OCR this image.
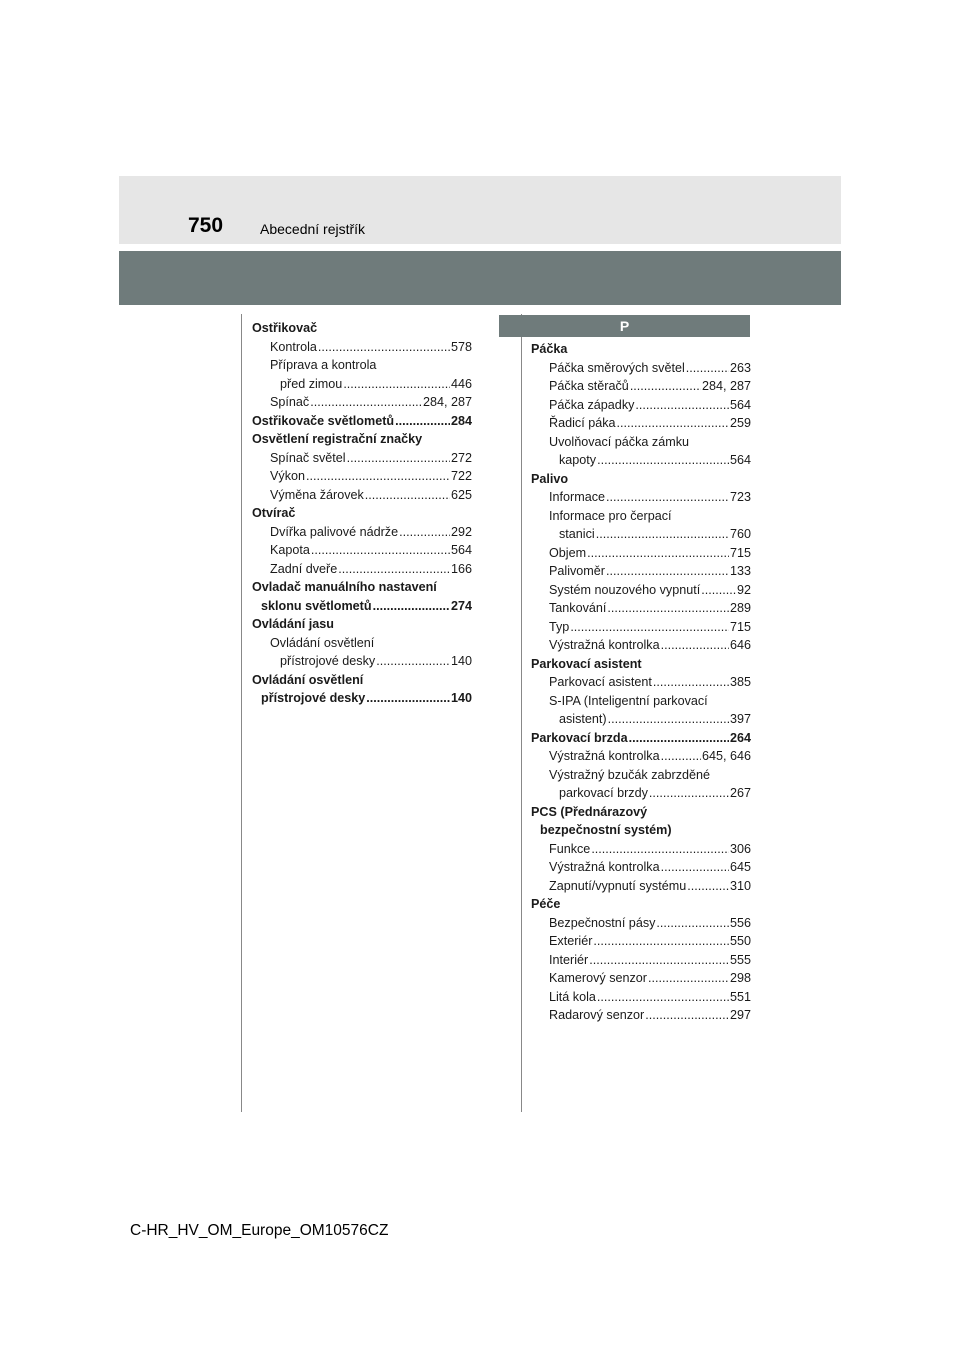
750	Abecední rejstřík
Ostřikovač
Kontrola .....	578
Příprava a kontrola
před zimou .....	446
Spínač .....	284, 287
Ostřikovače světlometů .....	284
Osvětlení registrační značky
Spínač světel .....	272
Výkon .....	722
Výměna žárovek .....	625
Otvírač
Dvířka palivové nádrže .....	292
Kapota .....	564
Zadní dveře .....	166
Ovladač manuálního nastavení
sklonu světlometů .....	274
Ovládání jasu
Ovládání osvětlení
přístrojové desky .....	140
Ovládání osvětlení
přístrojové desky .....	140
P
Páčka
Páčka směrových světel .....	263
Páčka stěračů .....	284, 287
Páčka západky .....	564
Řadicí páka .....	259
Uvolňovací páčka zámku
kapoty .....	564
Palivo
Informace .....	723
Informace pro čerpací
stanici .....	760
Objem .....	715
Palivoměr .....	133
Systém nouzového vypnutí .....	92
Tankování .....	289
Typ .....	715
Výstražná kontrolka .....	646
Parkovací asistent
Parkovací asistent .....	385
S-IPA (Inteligentní parkovací
asistent) .....	397
Parkovací brzda .....	264
Výstražná kontrolka .....	645, 646
Výstražný bzučák zabrzděné
parkovací brzdy .....	267
PCS (Přednárazový
bezpečnostní systém)
Funkce .....	306
Výstražná kontrolka .....	645
Zapnutí/vypnutí systému .....	310
Péče
Bezpečnostní pásy .....	556
Exteriér .....	550
Interiér .....	555
Kamerový senzor .....	298
Litá kola .....	551
Radarový senzor .....	297
C-HR_HV_OM_Europe_OM10576CZ
